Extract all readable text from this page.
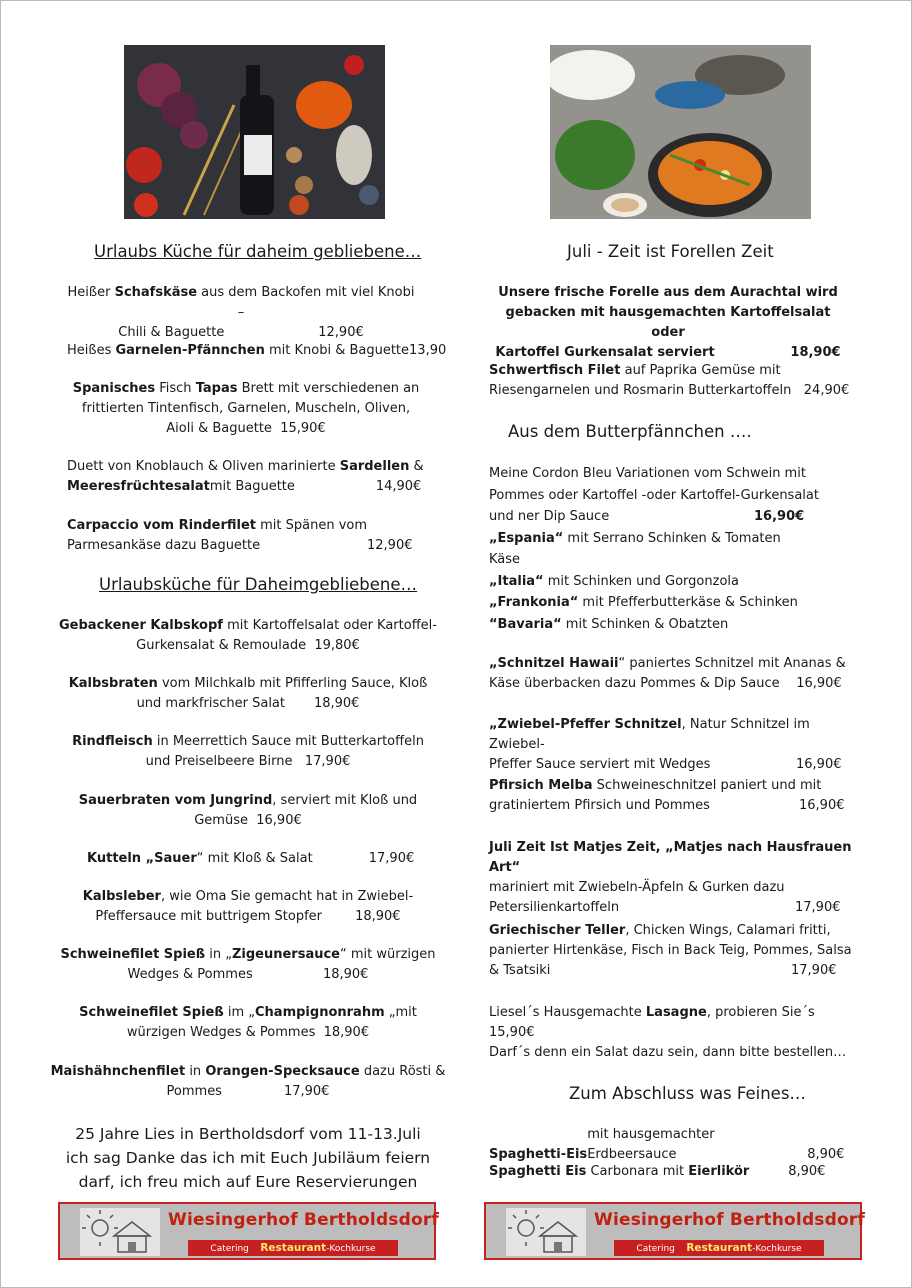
Urlaubs Küche für daheim gebliebene…
Heißer Schafskäse aus dem Backofen mit viel Knobi –
Chili & Baguette	12,90€
Heißes Garnelen-Pfännchen mit Knobi & Baguette13,90
Spanisches Fisch Tapas Brett mit verschiedenen an
frittierten Tintenfisch, Garnelen, Muscheln, Oliven,
Aioli & Baguette 15,90€
Duett von Knoblauch & Oliven marinierte Sardellen &
Meeresfrüchtesalatmit Baguette	14,90€
Carpaccio vom Rinderfilet mit Spänen vom
Parmesankäse dazu Baguette	12,90€
Urlaubsküche für Daheimgebliebene…
Gebackener Kalbskopf mit Kartoffelsalat oder Kartoffel-
Gurkensalat & Remoulade 19,80€
Kalbsbraten vom Milchkalb mit Pfifferling Sauce, Kloß
und markfrischer Salat 18,90€
Rindfleisch in Meerrettich Sauce mit Butterkartoffeln
und Preiselbeere Birne 17,90€
Sauerbraten vom Jungrind, serviert mit Kloß und
Gemüse 16,90€
Kutteln „Sauer“ mit Kloß & Salat	17,90€
Kalbsleber, wie Oma Sie gemacht hat in Zwiebel-
Pfeffersauce mit buttrigem Stopfer	18,90€
Schweinefilet Spieß in „Zigeunersauce“ mit würzigen
Wedges & Pommes	18,90€
Schweinefilet Spieß im „Champignonrahm „mit
würzigen Wedges & Pommes 18,90€
Maishähnchenfilet in Orangen-Specksauce dazu Rösti &
Pommes	17,90€
25 Jahre Lies in Bertholdsdorf vom 11-13.Juli
ich sag Danke das ich mit Euch Jubiläum feiern
darf, ich freu mich auf Eure Reservierungen
Juli - Zeit ist Forellen Zeit
Unsere frische Forelle aus dem Aurachtal wird
gebacken mit hausgemachten Kartoffelsalat oder
Kartoffel Gurkensalat serviert	18,90€
Schwertfisch Filet auf Paprika Gemüse mit
Riesengarnelen und Rosmarin Butterkartoffeln 24,90€
Aus dem Butterpfännchen ….
Meine Cordon Bleu Variationen vom Schwein mit
Pommes oder Kartoffel -oder Kartoffel-Gurkensalat
und ner Dip Sauce	16,90€
„Espania“ mit Serrano Schinken & Tomaten
Käse
„Italia“ mit Schinken und Gorgonzola
„Frankonia“ mit Pfefferbutterkäse & Schinken
“Bavaria“ mit Schinken & Obatzten
„Schnitzel Hawaii“ paniertes Schnitzel mit Ananas &
Käse überbacken dazu Pommes & Dip Sauce 16,90€
„Zwiebel-Pfeffer Schnitzel, Natur Schnitzel im Zwiebel-
Pfeffer Sauce serviert mit Wedges	16,90€
Pfirsich Melba Schweineschnitzel paniert und mit
gratiniertem Pfirsich und Pommes	16,90€
Juli Zeit Ist Matjes Zeit, „Matjes nach Hausfrauen Art“
mariniert mit Zwiebeln-Äpfeln & Gurken dazu
Petersilienkartoffeln	17,90€
Griechischer Teller, Chicken Wings, Calamari fritti,
panierter Hirtenkäse, Fisch in Back Teig, Pommes, Salsa
& Tsatsiki	17,90€
Liesel´s Hausgemachte Lasagne, probieren Sie´s   15,90€
Darf´s denn ein Salat dazu sein, dann bitte bestellen…
Zum Abschluss was Feines…
Spaghetti-Eismit hausgemachter Erdbeersauce	8,90€
Spaghetti Eis Carbonara mit Eierlikör	8,90€
Wiesingerhof Bertholdsdorf
Catering Restaurant-Kochkurse
Wiesingerhof Bertholdsdorf
Catering Restaurant-Kochkurse
